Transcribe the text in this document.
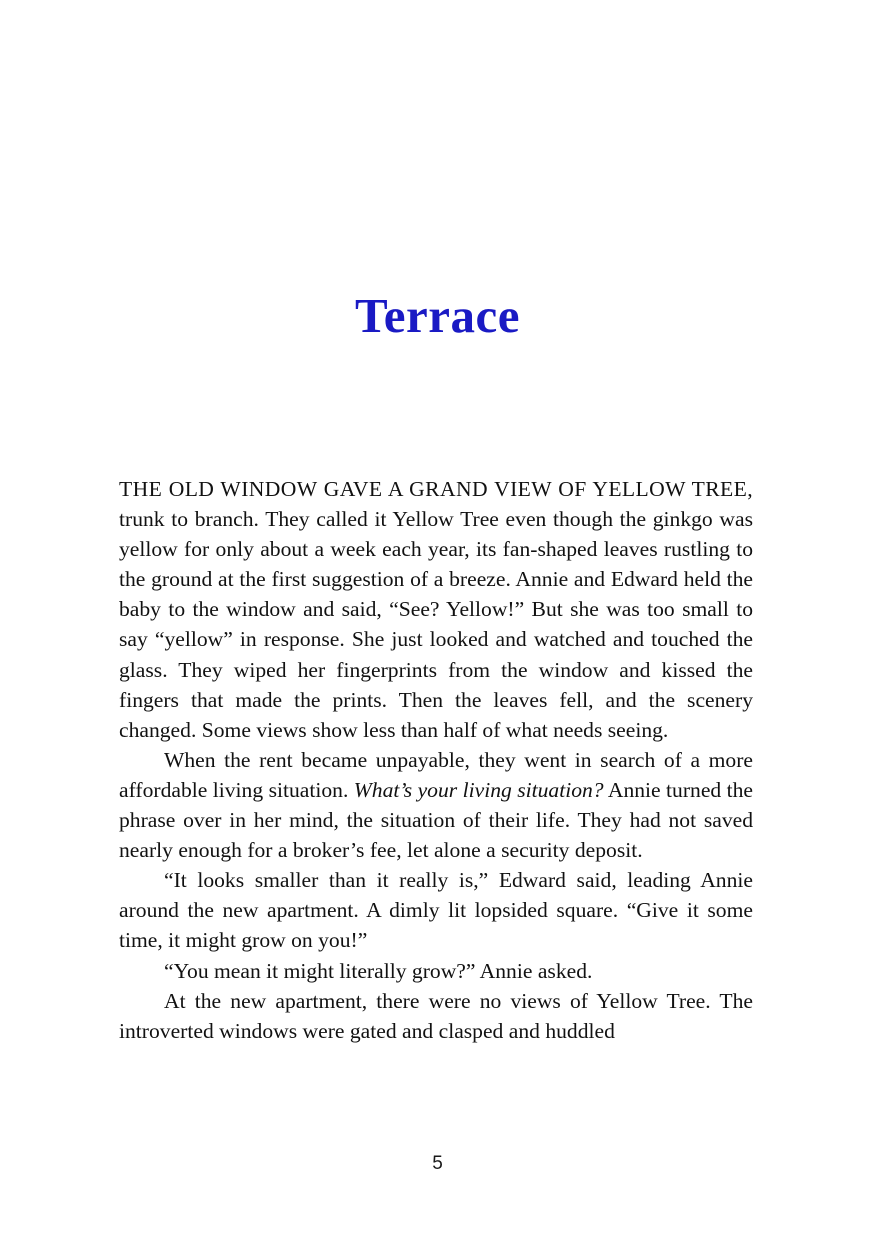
Terrace

THE OLD WINDOW GAVE A GRAND VIEW OF YELLOW TREE, trunk to branch. They called it Yellow Tree even though the ginkgo was yellow for only about a week each year, its fan-shaped leaves rustling to the ground at the first suggestion of a breeze. Annie and Edward held the baby to the window and said, “See? Yellow!” But she was too small to say “yellow” in response. She just looked and watched and touched the glass. They wiped her fingerprints from the window and kissed the fingers that made the prints. Then the leaves fell, and the scenery changed. Some views show less than half of what needs seeing.

When the rent became unpayable, they went in search of a more affordable living situation. What’s your living situation? Annie turned the phrase over in her mind, the situation of their life. They had not saved nearly enough for a broker’s fee, let alone a security deposit.

“It looks smaller than it really is,” Edward said, leading Annie around the new apartment. A dimly lit lopsided square. “Give it some time, it might grow on you!”

“You mean it might literally grow?” Annie asked.

At the new apartment, there were no views of Yellow Tree. The introverted windows were gated and clasped and huddled

5
